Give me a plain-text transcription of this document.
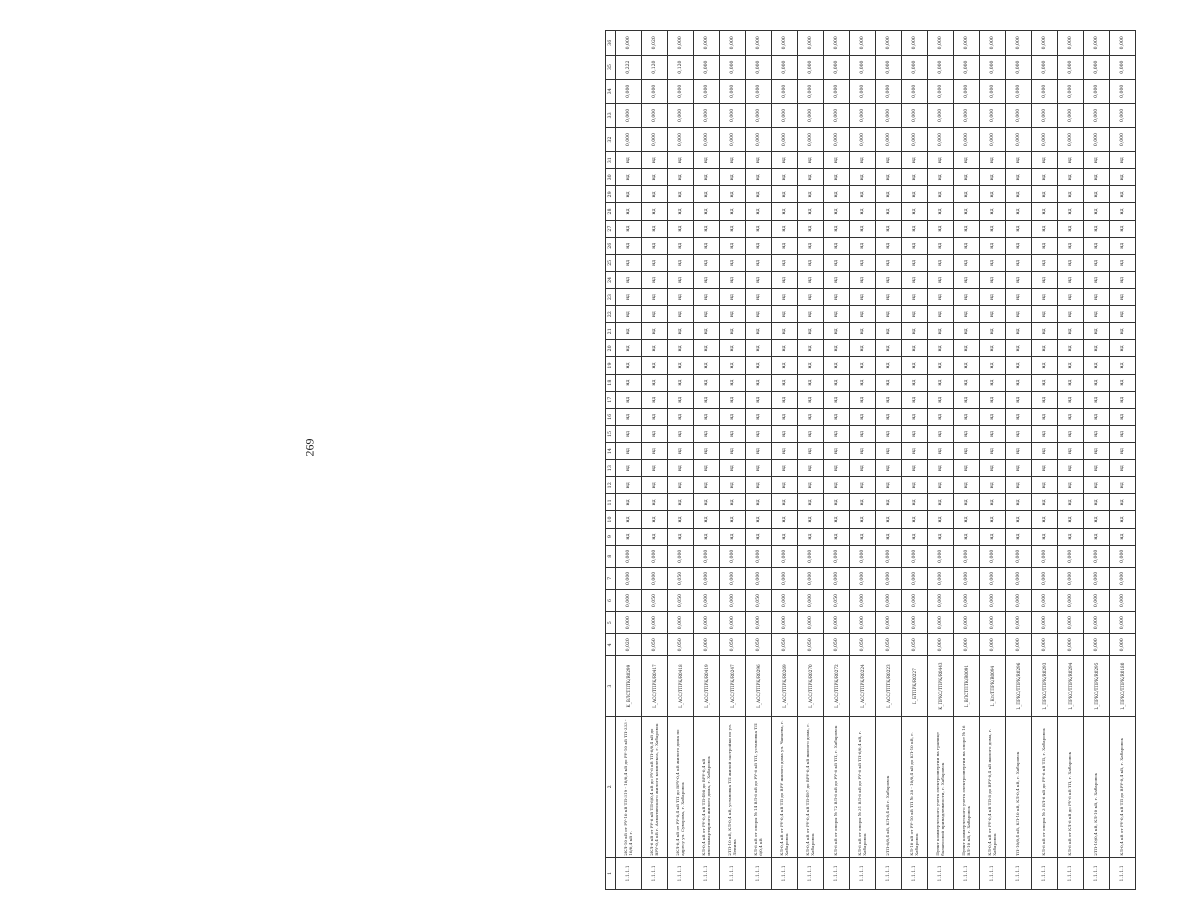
269
1	2	3	4	5	6	7	8	9	10	11	12	13	14	15	16	17	18	19	20	21	22	23	24	25	26	27	28	29	30	31	32	33	34	35	36
1.1.1.1	2КЛ-10 кВ от РУ-10 кВ ТП-319 - 10/0,4 кВ до РУ-10 кВ ТП-333 - 10/0,4 кВ г.	K_ВЛСТПТК/R0299	0,020	0,000	0,000	0,000	0,000	нд	нд	нд	нд	нд	нд	нд	нд	нд	нд	нд	нд	нд	нд	нд	нд	нд	нд	нд	нд	нд	нд	нд	0,000	0,000	0,000	0,222	0,000
1.1.1.1	2КЛ-6 кВ от РУ-6 кВ ТП-6/0,4 кВ до РУ-6 кВ ТП-6/0,4 кВ до ВРУ-0,4 кВ г. Алматинского жилого комплекса, г. Хабаровск	L_АСС/ТПРК/R0417	0,050	0,000	0,050	0,000	0,000	нд	нд	нд	нд	нд	нд	нд	нд	нд	нд	нд	нд	нд	нд	нд	нд	нд	нд	нд	нд	нд	нд	нд	0,000	0,000	0,000	0,120	0,020
1.1.1.1	2КЛ-0,4 кВ от РУ-0,4 кВ ТП до ВРУ-0,4 кВ жилого дома по адресу ул. Суворова, г. Хабаровск	L_АСС/ТПРК/R0418	0,050	0,000	0,050	0,050	0,000	нд	нд	нд	нд	нд	нд	нд	нд	нд	нд	нд	нд	нд	нд	нд	нд	нд	нд	нд	нд	нд	нд	нд	0,000	0,000	0,000	0,120	0,000
1.1.1.1	КЛ-0,4 кВ от РУ-0,4 кВ ТП-498 до ВРУ-0,4 кВ многоквартирного жилого дома, г. Хабаровск	L_АСС/ТПРК/R0419	0,000	0,000	0,000	0,000	0,000	нд	нд	нд	нд	нд	нд	нд	нд	нд	нд	нд	нд	нд	нд	нд	нд	нд	нд	нд	нд	нд	нд	нд	0,000	0,000	0,000	0,000	0,000
1.1.1.1	2ТП-10 кВ, КЛ-0,4 кВ, установка ТП жилой застройки по ул. Ленина	L_АСС/ТПРК/R0247	0,050	0,000	0,000	0,000	0,000	нд	нд	нд	нд	нд	нд	нд	нд	нд	нд	нд	нд	нд	нд	нд	нд	нд	нд	нд	нд	нд	нд	нд	0,000	0,000	0,000	0,000	0,000
1.1.1.1	КЛ-6 кВ от опоры № 14 ВЛ-6 кВ до РУ-6 кВ ТП, установка ТП 6/0,4 кВ	L_АСС/ТПРК/R0296	0,050	0,000	0,050	0,000	0,000	нд	нд	нд	нд	нд	нд	нд	нд	нд	нд	нд	нд	нд	нд	нд	нд	нд	нд	нд	нд	нд	нд	нд	0,000	0,000	0,000	0,000	0,000
1.1.1.1	КЛ-0,4 кВ от РУ-0,4 кВ ТП до ВРУ жилого дома ул. Чапаева, г. Хабаровск	L_АСС/ТПРК/R0269	0,050	0,000	0,000	0,000	0,000	нд	нд	нд	нд	нд	нд	нд	нд	нд	нд	нд	нд	нд	нд	нд	нд	нд	нд	нд	нд	нд	нд	нд	0,000	0,000	0,000	0,000	0,000
1.1.1.1	КЛ-0,4 кВ от РУ-0,4 кВ ТП-497 до ВРУ-0,4 кВ жилого дома, г. Хабаровск	L_АСС/ТПРК/R0270	0,050	0,000	0,000	0,000	0,000	нд	нд	нд	нд	нд	нд	нд	нд	нд	нд	нд	нд	нд	нд	нд	нд	нд	нд	нд	нд	нд	нд	нд	0,000	0,000	0,000	0,000	0,000
1.1.1.1	КЛ-6 кВ от опоры № 72 ВЛ-6 кВ до РУ-6 кВ ТП, г. Хабаровск	L_АСС/ТПРК/R0272	0,050	0,000	0,050	0,000	0,000	нд	нд	нд	нд	нд	нд	нд	нд	нд	нд	нд	нд	нд	нд	нд	нд	нд	нд	нд	нд	нд	нд	нд	0,000	0,000	0,000	0,000	0,000
1.1.1.1	КЛ-6 кВ от опоры № 31 ВЛ-6 кВ до РУ-6 кВ ТП-6/0,4 кВ, г. Хабаровск	L_АСС/ТПРК/R0224	0,050	0,000	0,000	0,000	0,000	нд	нд	нд	нд	нд	нд	нд	нд	нд	нд	нд	нд	нд	нд	нд	нд	нд	нд	нд	нд	нд	нд	нд	0,000	0,000	0,000	0,000	0,000
1.1.1.1	2ТП-6/0,4 кВ, КЛ-0,4 кВ г. Хабаровск	L_АСС/ТПТК/R0223	0,050	0,000	0,000	0,000	0,000	нд	нд	нд	нд	нд	нд	нд	нд	нд	нд	нд	нд	нд	нд	нд	нд	нд	нд	нд	нд	нд	нд	нд	0,000	0,000	0,000	0,000	0,000
1.1.1.1	КЛ-10 кВ от РУ-10 кВ ТП № 38 - 10/0,4 кВ до КЛ-10 кВ, г. Хабаровск	L_БТПРК/R0227	0,050	0,000	0,000	0,000	0,000	нд	нд	нд	нд	нд	нд	нд	нд	нд	нд	нд	нд	нд	нд	нд	нд	нд	нд	нд	нд	нд	нд	нд	0,000	0,000	0,000	0,000	0,000
1.1.1.1	Пункт коммерческого учета электроэнергии на границе балансовой принадлежности, г. Хабаровск	K_ПРКС/ТПРК/R0443	0,000	0,000	0,000	0,000	0,000	нд	нд	нд	нд	нд	нд	нд	нд	нд	нд	нд	нд	нд	нд	нд	нд	нд	нд	нд	нд	нд	нд	нд	0,000	0,000	0,000	0,000	0,000
1.1.1.1	Пункт коммерческого учета электроэнергии на опоре № 16 ВЛ-10 кВ, г. Хабаровск	L_ВЛСТПТК/R0091	0,000	0,000	0,000	0,000	0,000	нд	нд	нд	нд	нд	нд	нд	нд	нд	нд	нд	нд	нд	нд	нд	нд	нд	нд	нд	нд	нд	нд	нд	0,000	0,000	0,000	0,000	0,000
1.1.1.1	КЛ-0,4 кВ от РУ-0,4 кВ ТП-8 до ВРУ-0,4 кВ жилого дома, г. Хабаровск	L_КтсТПРК/R0094	0,000	0,000	0,000	0,000	0,000	нд	нд	нд	нд	нд	нд	нд	нд	нд	нд	нд	нд	нд	нд	нд	нд	нд	нд	нд	нд	нд	нд	нд	0,000	0,000	0,000	0,000	0,000
1.1.1.1	ТП-10/0,4 кВ, КЛ-10 кВ, КЛ-0,4 кВ, г. Хабаровск	L_ПРКС/ТПРК/R0296	0,000	0,000	0,000	0,000	0,000	нд	нд	нд	нд	нд	нд	нд	нд	нд	нд	нд	нд	нд	нд	нд	нд	нд	нд	нд	нд	нд	нд	нд	0,000	0,000	0,000	0,000	0,000
1.1.1.1	КЛ-6 кВ от опоры № 3 ВЛ-6 кВ до РУ-6 кВ ТП, г. Хабаровск	L_ПРКС/ТПРК/R0293	0,000	0,000	0,000	0,000	0,000	нд	нд	нд	нд	нд	нд	нд	нд	нд	нд	нд	нд	нд	нд	нд	нд	нд	нд	нд	нд	нд	нд	нд	0,000	0,000	0,000	0,000	0,000
1.1.1.1	КЛ-6 кВ от КЛ-6 кВ до РУ-6 кВ ТП, г. Хабаровск	L_ПРКС/ТПРК/R0294	0,000	0,000	0,000	0,000	0,000	нд	нд	нд	нд	нд	нд	нд	нд	нд	нд	нд	нд	нд	нд	нд	нд	нд	нд	нд	нд	нд	нд	нд	0,000	0,000	0,000	0,000	0,000
1.1.1.1	2ТП-10/0,4 кВ, КЛ-10 кВ, г. Хабаровск	L_ПРКС/ТПРК/R0295	0,000	0,000	0,000	0,000	0,000	нд	нд	нд	нд	нд	нд	нд	нд	нд	нд	нд	нд	нд	нд	нд	нд	нд	нд	нд	нд	нд	нд	нд	0,000	0,000	0,000	0,000	0,000
1.1.1.1	КЛ-0,4 кВ от РУ-0,4 кВ ТП до ВРУ-0,4 кВ, г. Хабаровск	L_ПРКС/ТПРК/R0180	0,000	0,000	0,000	0,000	0,000	нд	нд	нд	нд	нд	нд	нд	нд	нд	нд	нд	нд	нд	нд	нд	нд	нд	нд	нд	нд	нд	нд	нд	0,000	0,000	0,000	0,000	0,000
